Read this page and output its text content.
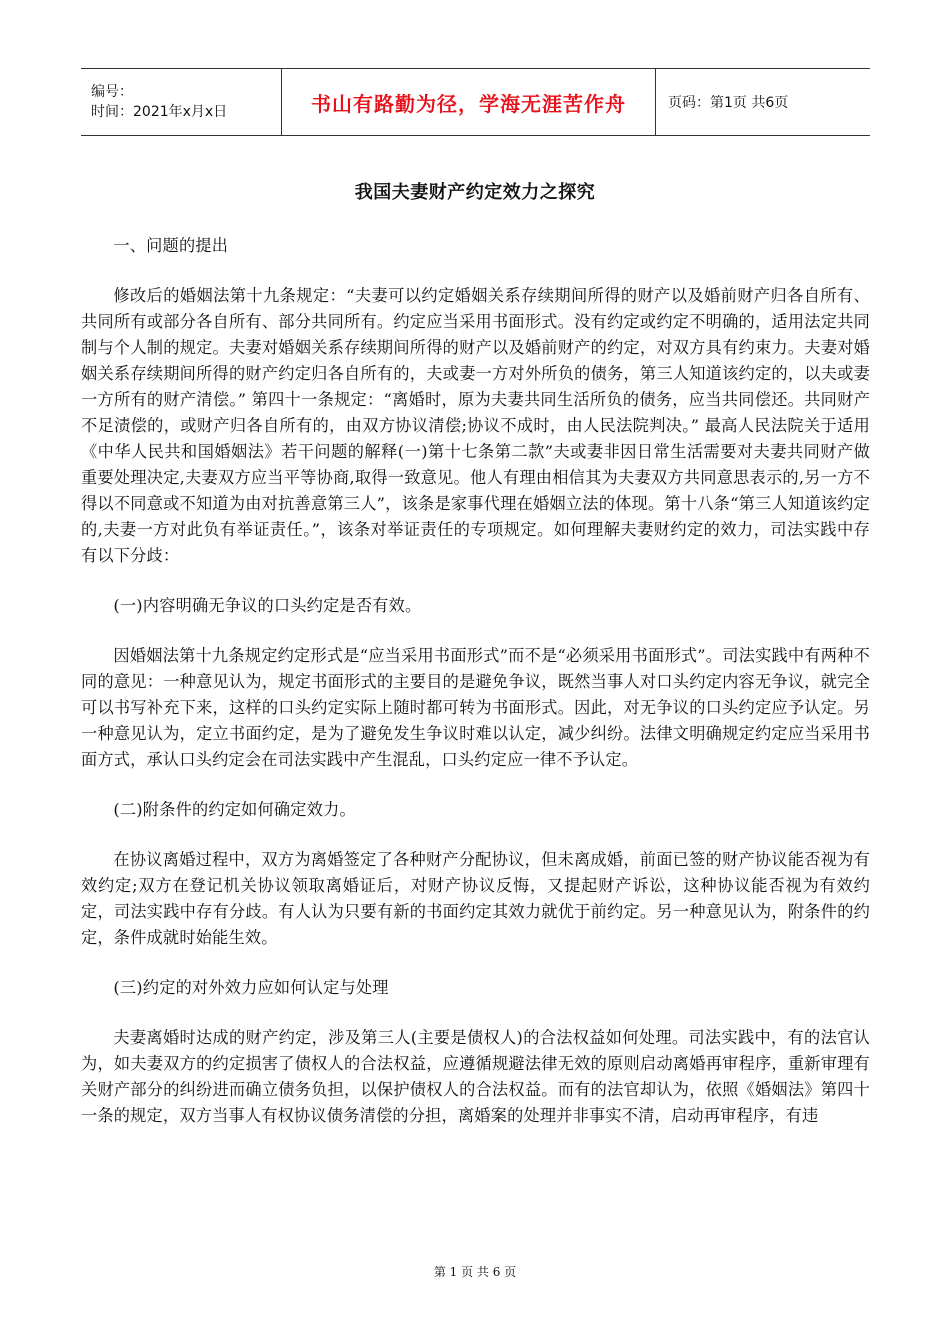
编号：
时间：2021年x月x日	书山有路勤为径，学海无涯苦作舟	页码：第1页 共6页
我国夫妻财产约定效力之探究

一、问题的提出

修改后的婚姻法第十九条规定：“夫妻可以约定婚姻关系存续期间所得的财产以及婚前财产归各自所有、共同所有或部分各自所有、部分共同所有。约定应当采用书面形式。没有约定或约定不明确的，适用法定共同制与个人制的规定。夫妻对婚姻关系存续期间所得的财产以及婚前财产的约定，对双方具有约束力。夫妻对婚姻关系存续期间所得的财产约定归各自所有的，夫或妻一方对外所负的债务，第三人知道该约定的，以夫或妻一方所有的财产清偿。” 第四十一条规定：“离婚时，原为夫妻共同生活所负的债务，应当共同偿还。共同财产不足渍偿的，或财产归各自所有的，由双方协议清偿;协议不成时，由人民法院判决。” 最高人民法院关于适用《中华人民共和国婚姻法》若干问题的解释(一)第十七条第二款”夫或妻非因日常生活需要对夫妻共同财产做重要处理决定,夫妻双方应当平等协商,取得一致意见。他人有理由相信其为夫妻双方共同意思表示的,另一方不得以不同意或不知道为由对抗善意第三人”，该条是家事代理在婚姻立法的体现。第十八条“第三人知道该约定的,夫妻一方对此负有举证责任。”，该条对举证责任的专项规定。如何理解夫妻财约定的效力，司法实践中存有以下分歧：

(一)内容明确无争议的口头约定是否有效。

因婚姻法第十九条规定约定形式是“应当采用书面形式”而不是“必须采用书面形式”。司法实践中有两种不同的意见：一种意见认为，规定书面形式的主要目的是避免争议，既然当事人对口头约定内容无争议，就完全可以书写补充下来，这样的口头约定实际上随时都可转为书面形式。因此，对无争议的口头约定应予认定。另一种意见认为，定立书面约定，是为了避免发生争议时难以认定，减少纠纷。法律文明确规定约定应当采用书面方式，承认口头约定会在司法实践中产生混乱，口头约定应一律不予认定。

(二)附条件的约定如何确定效力。

在协议离婚过程中，双方为离婚签定了各种财产分配协议，但未离成婚，前面已签的财产协议能否视为有效约定;双方在登记机关协议领取离婚证后，对财产协议反悔，又提起财产诉讼，这种协议能否视为有效约定，司法实践中存有分歧。有人认为只要有新的书面约定其效力就优于前约定。另一种意见认为，附条件的约定，条件成就时始能生效。

(三)约定的对外效力应如何认定与处理

夫妻离婚时达成的财产约定，涉及第三人(主要是债权人)的合法权益如何处理。司法实践中，有的法官认为，如夫妻双方的约定损害了债权人的合法权益，应遵循规避法律无效的原则启动离婚再审程序，重新审理有关财产部分的纠纷进而确立债务负担，以保护债权人的合法权益。而有的法官却认为，依照《婚姻法》第四十一条的规定，双方当事人有权协议债务清偿的分担，离婚案的处理并非事实不清，启动再审程序，有违

第 1 页 共 6 页
